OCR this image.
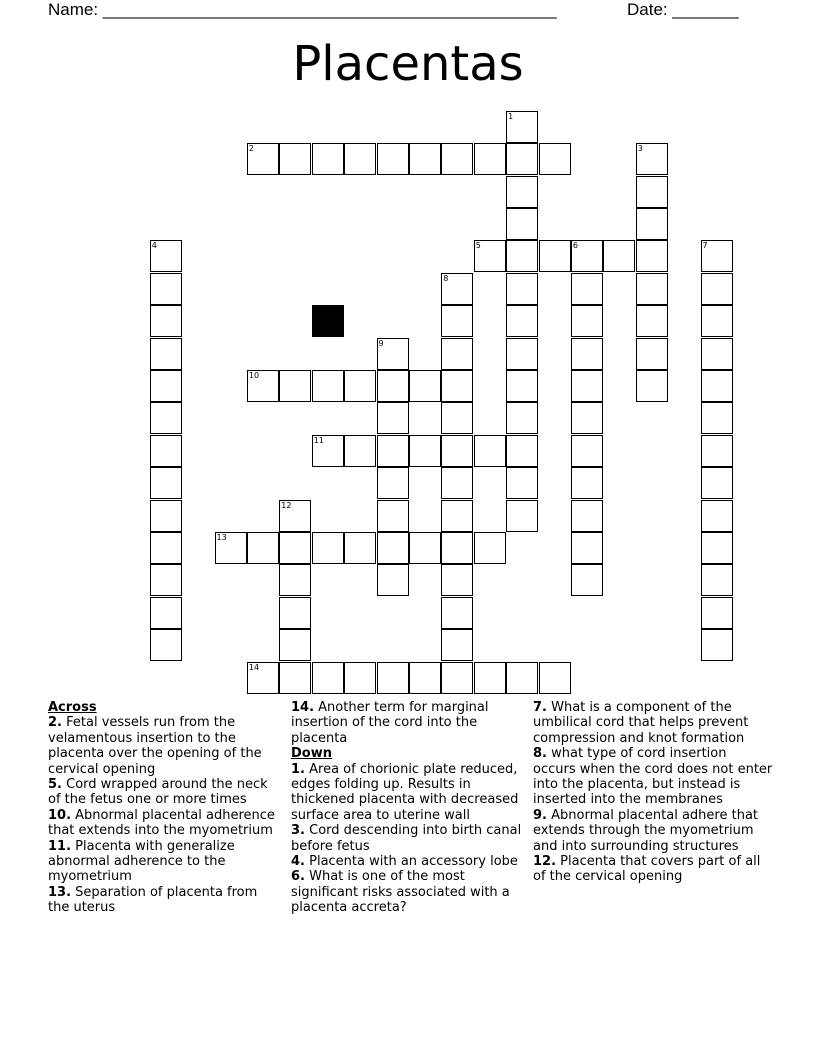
Name: ________________________________________________	Date: _______
Placentas
2
1
3
4	5	6	7
8
9
10
11
12
13
14
Across
2. Fetal vessels run from the velamentous insertion to the placenta over the opening of the cervical opening
5. Cord wrapped around the neck of the fetus one or more times
10. Abnormal placental adherence that extends into the myometrium
11. Placenta with generalize abnormal adherence to the myometrium
13. Separation of placenta from the uterus
14. Another term for marginal insertion of the cord into the placenta
Down
1. Area of chorionic plate reduced, edges folding up. Results in thickened placenta with decreased surface area to uterine wall
3. Cord descending into birth canal before fetus
4. Placenta with an accessory lobe
6. What is one of the most significant risks associated with a placenta accreta?
7. What is a component of the umbilical cord that helps prevent compression and knot formation
8. what type of cord insertion occurs when the cord does not enter into the placenta, but instead is inserted into the membranes
9. Abnormal placental adhere that extends through the myometrium and into surrounding structures
12. Placenta that covers part of all of the cervical opening
